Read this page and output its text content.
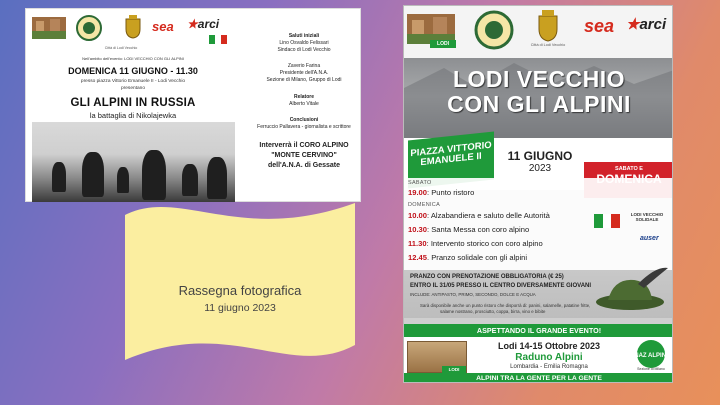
sea ★arci
Città di Lodi Vecchio
Nell'ambito dell'evento: LODI VECCHIO CON GLI ALPINI
DOMENICA 11 GIUGNO - 11.30
presso piazza Vittorio Emanuele II - Lodi Vecchio
presentano
GLI ALPINI IN RUSSIA
la battaglia di Nikolajewka
Saluti iniziali
Lino Osvaldo Felissari
Sindaco di Lodi Vecchio
Zaverio Farina
Presidente dell'A.N.A.
Sezione di Milano, Gruppo di Lodi
Relatore
Alberto Vitale
Conclusioni
Ferruccio Pallavera - giornalista e scrittore
Interverrà il CORO ALPINO
"MONTE CERVINO"
dell'A.N.A. di Gessate
Rassegna fotografica
11 giugno 2023
LODI	Città di Lodi Vecchio
sea ★arci
LODI VECCHIO
CON GLI ALPINI
PIAZZA VITTORIO EMANUELE II	11 GIUGNO
2023	SABATO E
SABATO
19.00: Punto ristoro
DOMENICA
10.00: Alzabandiera e saluto delle Autorità
10.30: Santa Messa con coro alpino
11.30: Intervento storico con coro alpino
12.45. Pranzo solidale con gli alpini
LODI VECCHIO SOLIDALE
auser
PRANZO CON PRENOTAZIONE OBBLIGATORIA (€ 25)
ENTRO IL 31/05 PRESSO IL CENTRO DIVERSAMENTE GIOVANI
INCLUDE: ANTIPASTO, PRIMO, SECONDO, DOLCE E ACQUA
Sarà disponibile anche un punto ristoro che disporrà di: panini, salamelle, patatine fritte,
salame nostrano, prosciutto, coppa, birra, vino e bibite
ASPETTANDO IL GRANDE EVENTO!
LODI
Lodi 14-15 Ottobre 2023
Raduno Alpini
Lombardia - Emilia Romagna
NAZ ALPINI
Sezione di Milano
ALPINI TRA LA GENTE PER LA GENTE
